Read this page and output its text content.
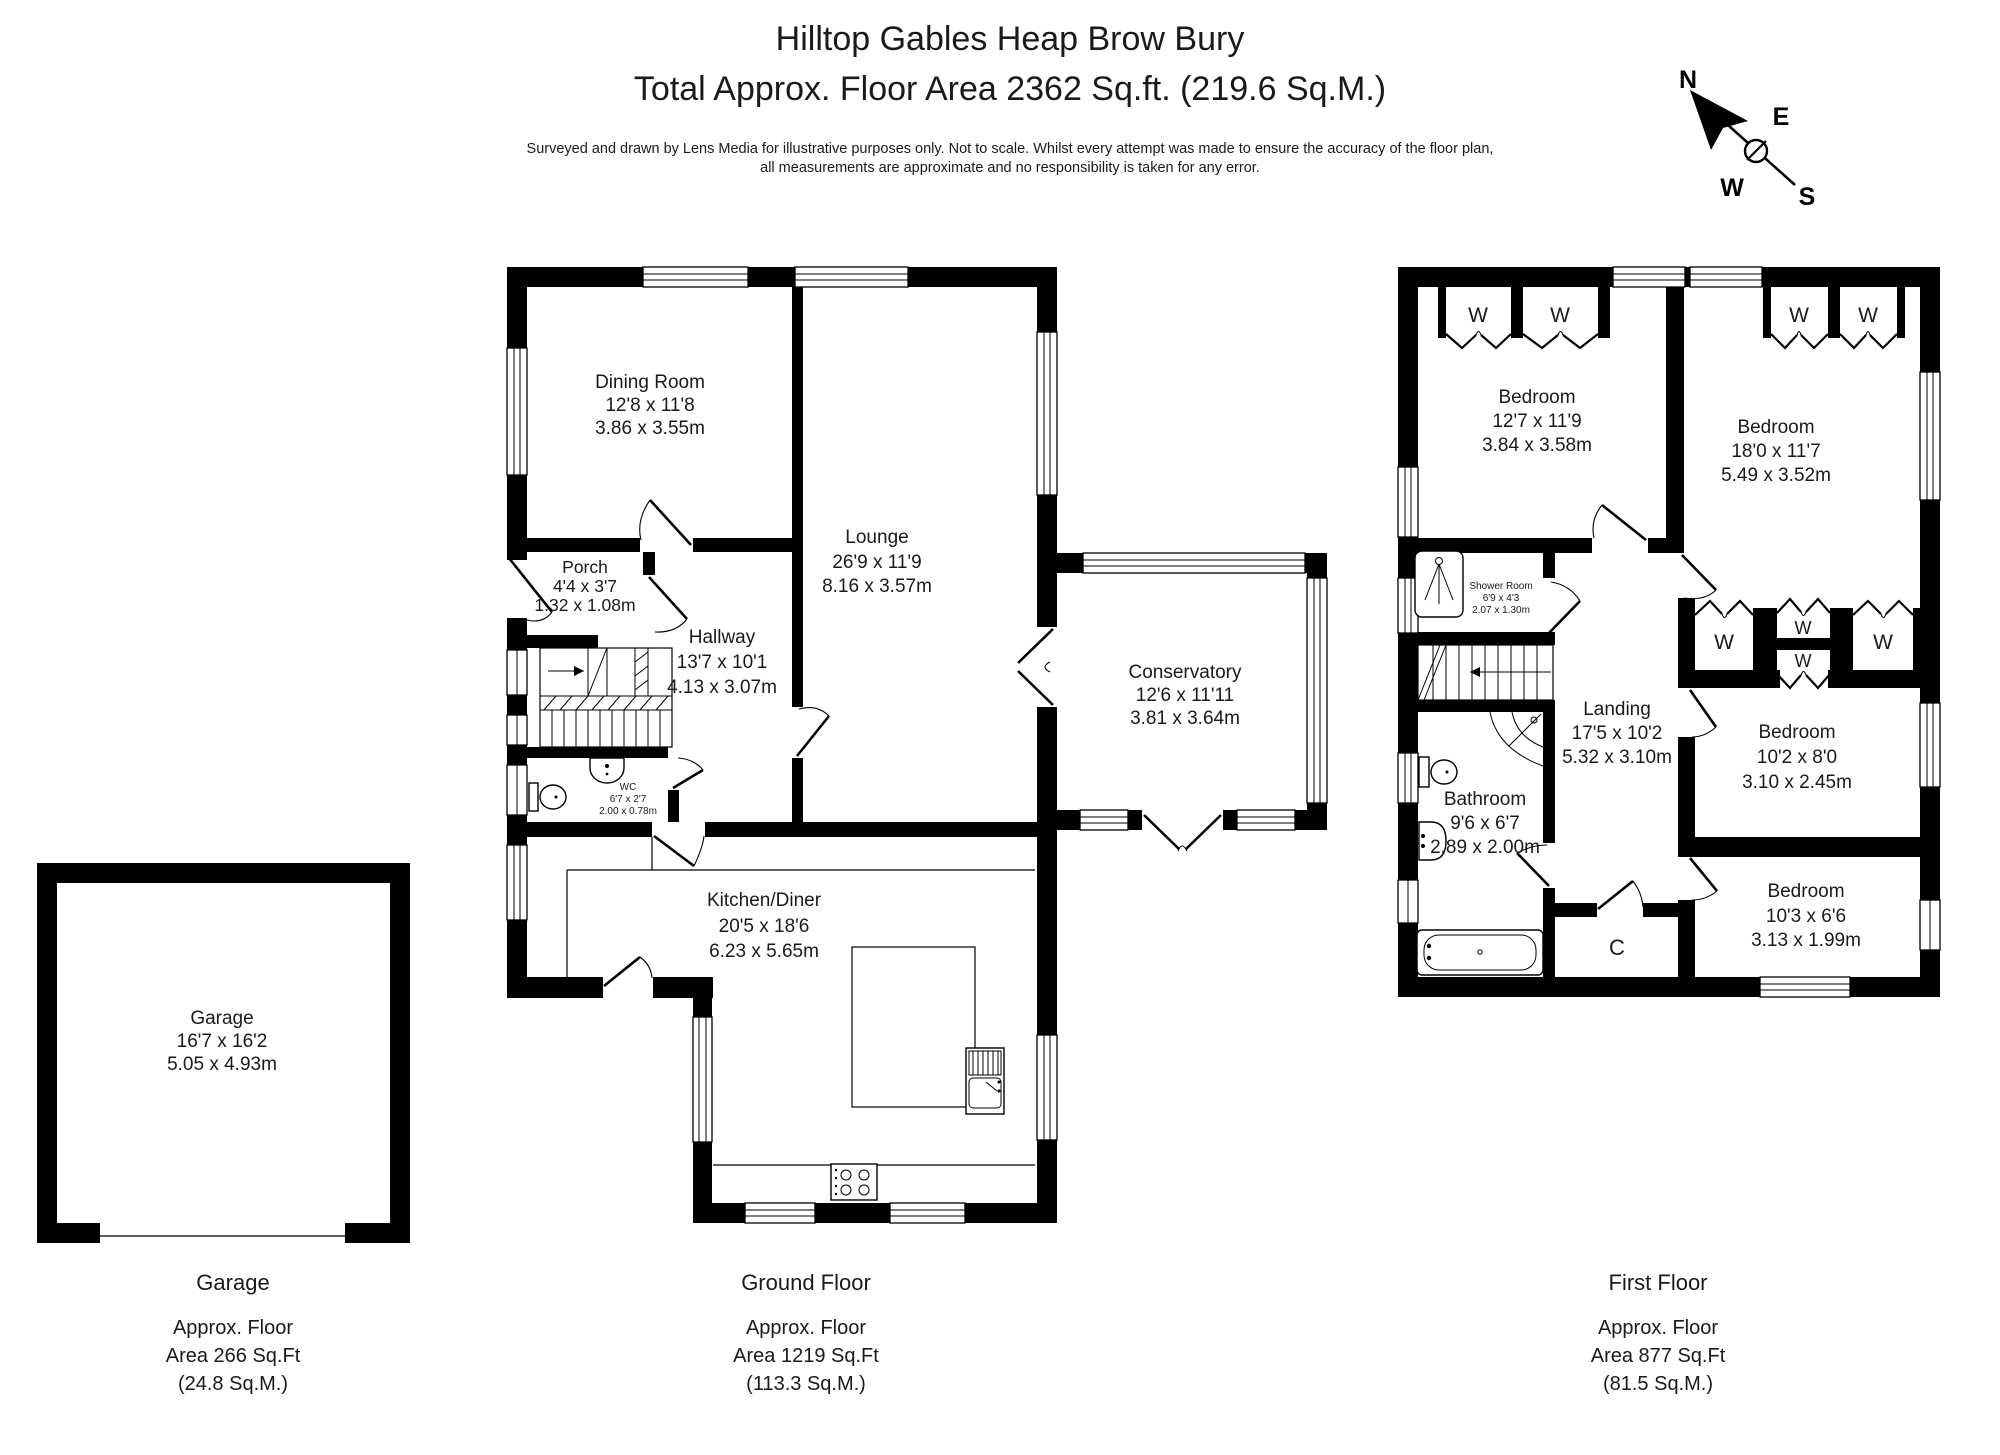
Hilltop Gables Heap Brow Bury
Total Approx. Floor Area 2362 Sq.ft. (219.6 Sq.M.)
Surveyed and drawn by Lens Media for illustrative purposes only. Not to scale. Whilst every attempt was made to ensure the accuracy of the floor plan,
all measurements are approximate and no responsibility is taken for any error.
N
E
W S
Garage
16'7 x 16'2
5.05 x 4.93m
Dining Room
12'8 x 11'8
3.86 x 3.55m
Lounge
26'9 x 11'9
8.16 x 3.57m
Porch
4'4 x 3'7
1.32 x 1.08m
Hallway
13'7 x 10'1
4.13 x 3.07m
WC
6'7 x 2'7
2.00 x 0.78m
Kitchen/Diner
20'5 x 18'6
6.23 x 5.65m
Conservatory
12'6 x 11'11
3.81 x 3.64m
Bedroom
12'7 x 11'9
3.84 x 3.58m
Bedroom
18'0 x 11'7
5.49 x 3.52m
Shower Room
6'9 x 4'3
2.07 x 1.30m
Landing
17'5 x 10'2
5.32 x 3.10m
Bathroom
9'6 x 6'7
2.89 x 2.00m
Bedroom
10'2 x 8'0
3.10 x 2.45m
Bedroom
10'3 x 6'6
3.13 x 1.99m
W	W	W W
W
W
W
W
C
Garage
Approx. Floor
Area 266 Sq.Ft
(24.8 Sq.M.)
Ground Floor
Approx. Floor
Area 1219 Sq.Ft
(113.3 Sq.M.)
First Floor
Approx. Floor
Area 877 Sq.Ft
(81.5 Sq.M.)
